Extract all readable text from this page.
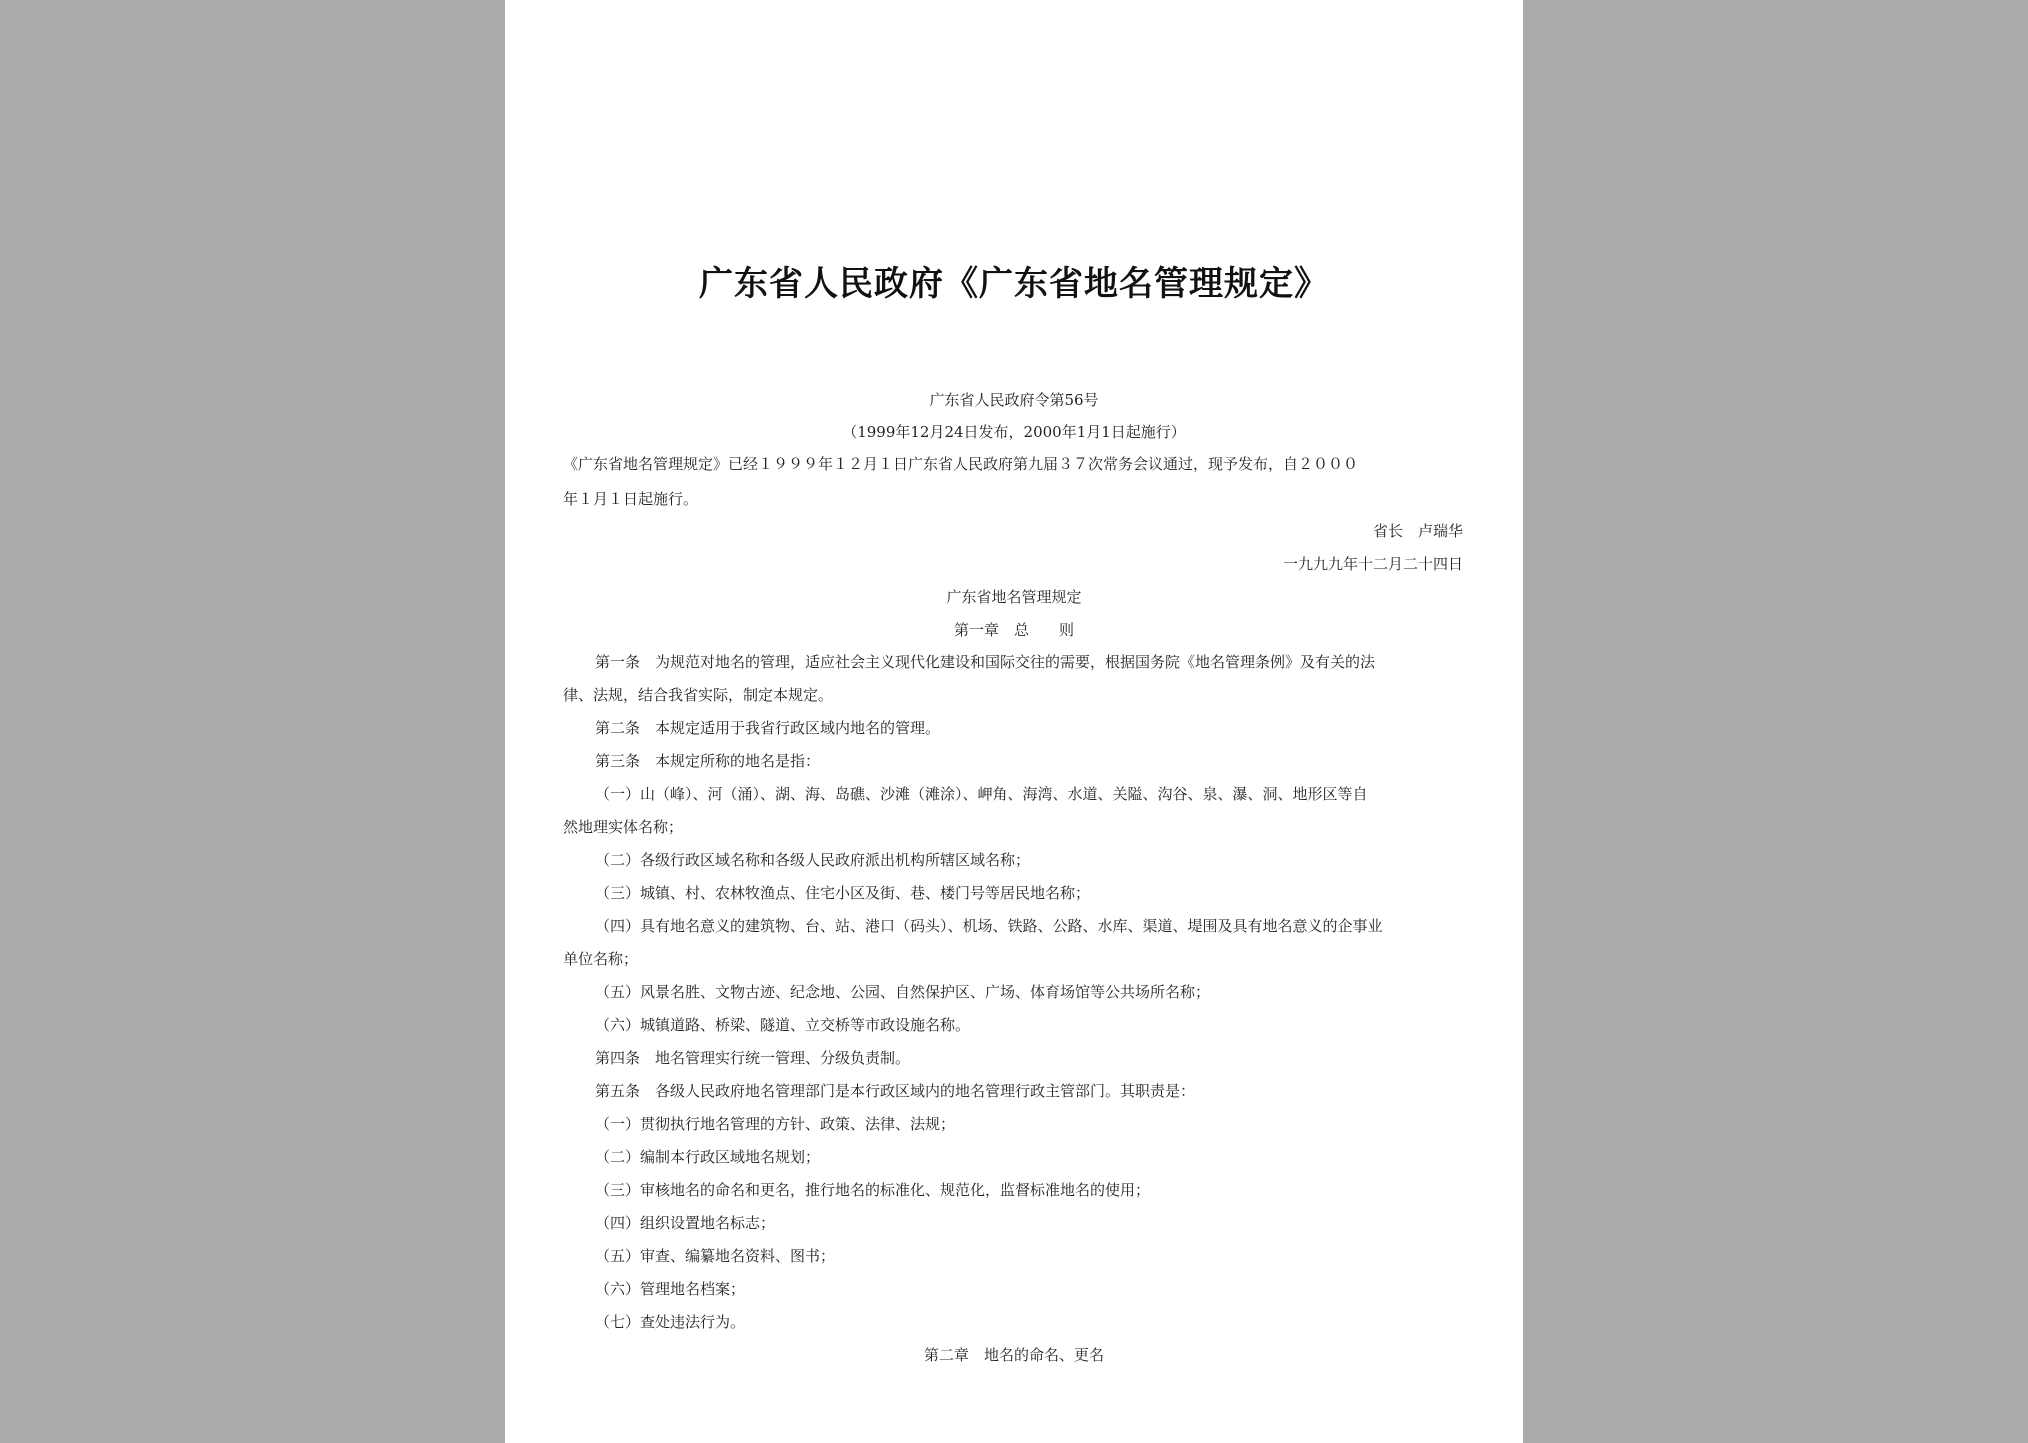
广东省人民政府《广东省地名管理规定》
广东省人民政府令第56号
（1999年12月24日发布，2000年1月1日起施行）
《广东省地名管理规定》已经１９９９年１２月１日广东省人民政府第九届３７次常务会议通过，现予发布，自２０００
年１月１日起施行。
省长　卢瑞华
一九九九年十二月二十四日
广东省地名管理规定
第一章　总　　则
第一条　为规范对地名的管理，适应社会主义现代化建设和国际交往的需要，根据国务院《地名管理条例》及有关的法
律、法规，结合我省实际，制定本规定。
第二条　本规定适用于我省行政区域内地名的管理。
第三条　本规定所称的地名是指：
（一）山（峰）、河（涌）、湖、海、岛礁、沙滩（滩涂）、岬角、海湾、水道、关隘、沟谷、泉、瀑、洞、地形区等自
然地理实体名称；
（二）各级行政区域名称和各级人民政府派出机构所辖区域名称；
（三）城镇、村、农林牧渔点、住宅小区及街、巷、楼门号等居民地名称；
（四）具有地名意义的建筑物、台、站、港口（码头）、机场、铁路、公路、水库、渠道、堤围及具有地名意义的企事业
单位名称；
（五）风景名胜、文物古迹、纪念地、公园、自然保护区、广场、体育场馆等公共场所名称；
（六）城镇道路、桥梁、隧道、立交桥等市政设施名称。
第四条　地名管理实行统一管理、分级负责制。
第五条　各级人民政府地名管理部门是本行政区域内的地名管理行政主管部门。其职责是：
（一）贯彻执行地名管理的方针、政策、法律、法规；
（二）编制本行政区域地名规划；
（三）审核地名的命名和更名，推行地名的标准化、规范化，监督标准地名的使用；
（四）组织设置地名标志；
（五）审查、编纂地名资料、图书；
（六）管理地名档案；
（七）查处违法行为。
第二章　地名的命名、更名
